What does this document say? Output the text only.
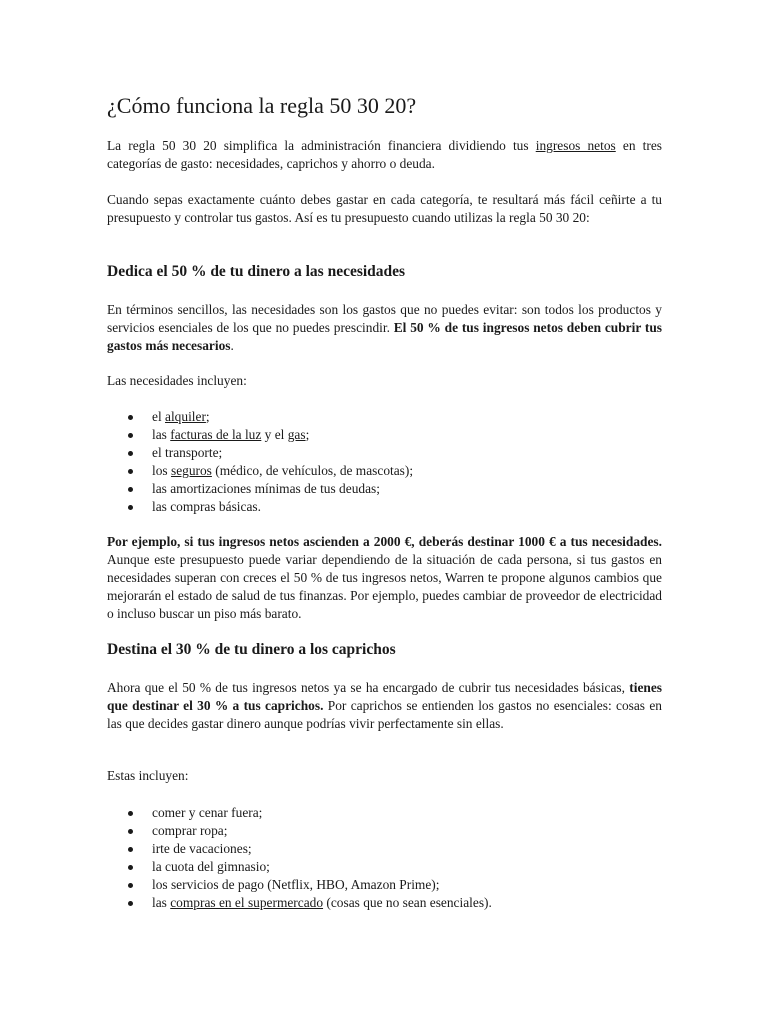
¿Cómo funciona la regla 50 30 20?

La regla 50 30 20 simplifica la administración financiera dividiendo tus ingresos netos en tres categorías de gasto: necesidades, caprichos y ahorro o deuda.

Cuando sepas exactamente cuánto debes gastar en cada categoría, te resultará más fácil ceñirte a tu presupuesto y controlar tus gastos. Así es tu presupuesto cuando utilizas la regla 50 30 20:

Dedica el 50 % de tu dinero a las necesidades

En términos sencillos, las necesidades son los gastos que no puedes evitar: son todos los productos y servicios esenciales de los que no puedes prescindir. El 50 % de tus ingresos netos deben cubrir tus gastos más necesarios.

Las necesidades incluyen:

el alquiler;
las facturas de la luz y el gas;
el transporte;
los seguros (médico, de vehículos, de mascotas);
las amortizaciones mínimas de tus deudas;
las compras básicas.

Por ejemplo, si tus ingresos netos ascienden a 2000 €, deberás destinar 1000 € a tus necesidades. Aunque este presupuesto puede variar dependiendo de la situación de cada persona, si tus gastos en necesidades superan con creces el 50 % de tus ingresos netos, Warren te propone algunos cambios que mejorarán el estado de salud de tus finanzas. Por ejemplo, puedes cambiar de proveedor de electricidad o incluso buscar un piso más barato.

Destina el 30 % de tu dinero a los caprichos

Ahora que el 50 % de tus ingresos netos ya se ha encargado de cubrir tus necesidades básicas, tienes que destinar el 30 % a tus caprichos. Por caprichos se entienden los gastos no esenciales: cosas en las que decides gastar dinero aunque podrías vivir perfectamente sin ellas.

Estas incluyen:

comer y cenar fuera;
comprar ropa;
irte de vacaciones;
la cuota del gimnasio;
los servicios de pago (Netflix, HBO, Amazon Prime);
las compras en el supermercado (cosas que no sean esenciales).
